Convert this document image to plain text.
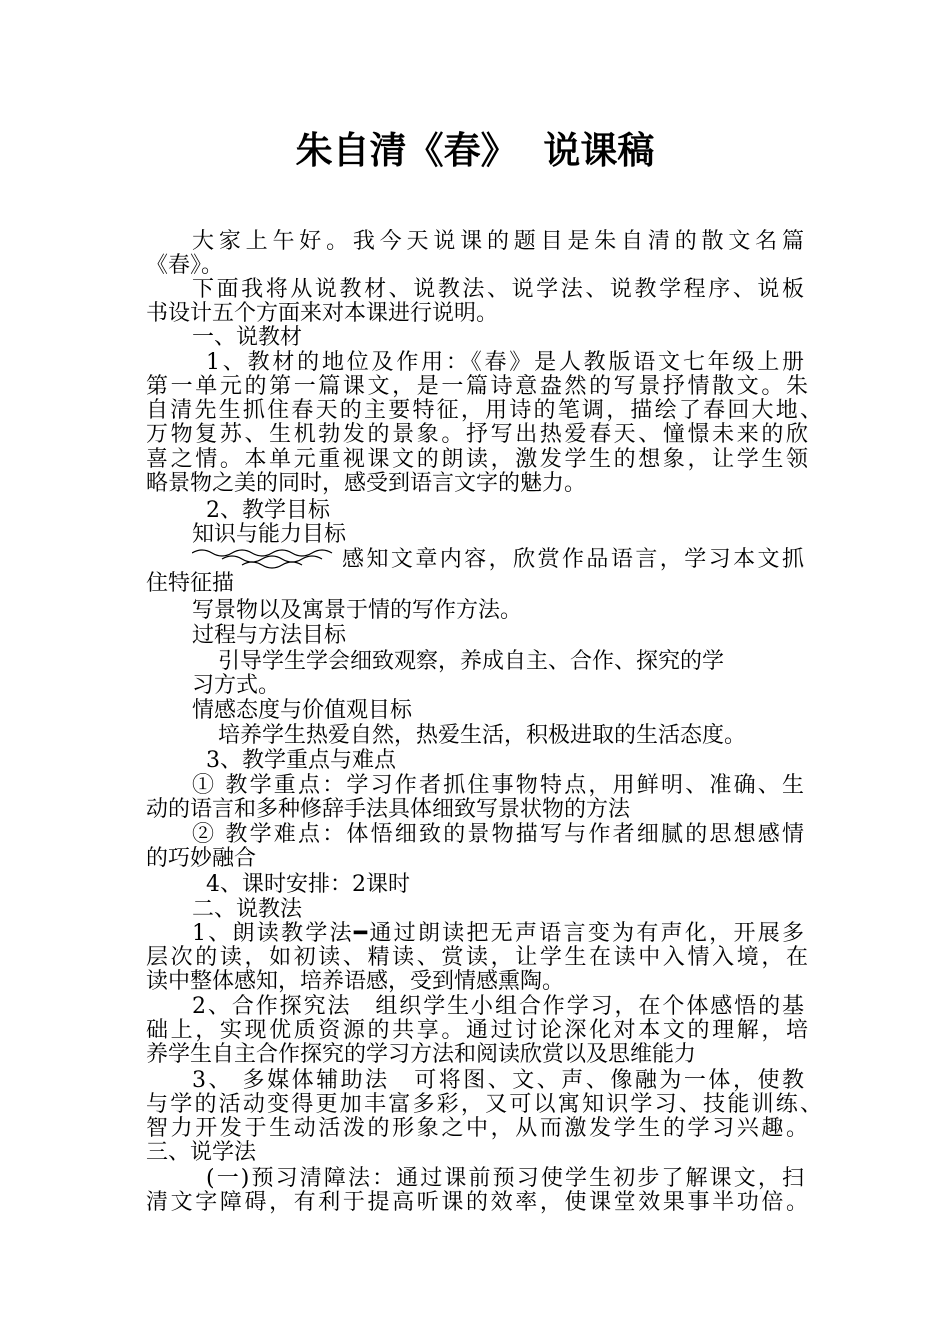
朱自清《春》  说课稿
大家上午好。我今天说课的题目是朱自清的散文名篇
《春》。
下面我将从说教材、说教法、说学法、说教学程序、说板
书设计五个方面来对本课进行说明。
一、说教材
1、教材的地位及作用：《春》是人教版语文七年级上册
第一单元的第一篇课文，是一篇诗意盎然的写景抒情散文。朱
自清先生抓住春天的主要特征，用诗的笔调，描绘了春回大地、
万物复苏、生机勃发的景象。抒写出热爱春天、憧憬未来的欣
喜之情。本单元重视课文的朗读，激发学生的想象，让学生领
略景物之美的同时，感受到语言文字的魅力。
2、教学目标
知识与能力目标
感知文章内容，欣赏作品语言，学习本文抓
住特征描
写景物以及寓景于情的写作方法。
过程与方法目标
引导学生学会细致观察，养成自主、合作、探究的学
习方式。
情感态度与价值观目标
培养学生热爱自然，热爱生活，积极进取的生活态度。
3、教学重点与难点
① 教学重点：学习作者抓住事物特点，用鲜明、准确、生
动的语言和多种修辞手法具体细致写景状物的方法
② 教学难点：体悟细致的景物描写与作者细腻的思想感情
的巧妙融合
4、课时安排：2课时
二、说教法
1、朗读教学法━通过朗读把无声语言变为有声化，开展多
层次的读，如初读、精读、赏读，让学生在读中入情入境，在
读中整体感知，培养语感，受到情感熏陶。
2、合作探究法　组织学生小组合作学习，在个体感悟的基
础上，实现优质资源的共享。通过讨论深化对本文的理解，培
养学生自主合作探究的学习方法和阅读欣赏以及思维能力
3、 多媒体辅助法　可将图、文、声、像融为一体，使教
与学的活动变得更加丰富多彩，又可以寓知识学习、技能训练、
智力开发于生动活泼的形象之中，从而激发学生的学习兴趣。
三、说学法
(一)预习清障法：通过课前预习使学生初步了解课文，扫
清文字障碍，有利于提高听课的效率，使课堂效果事半功倍。
